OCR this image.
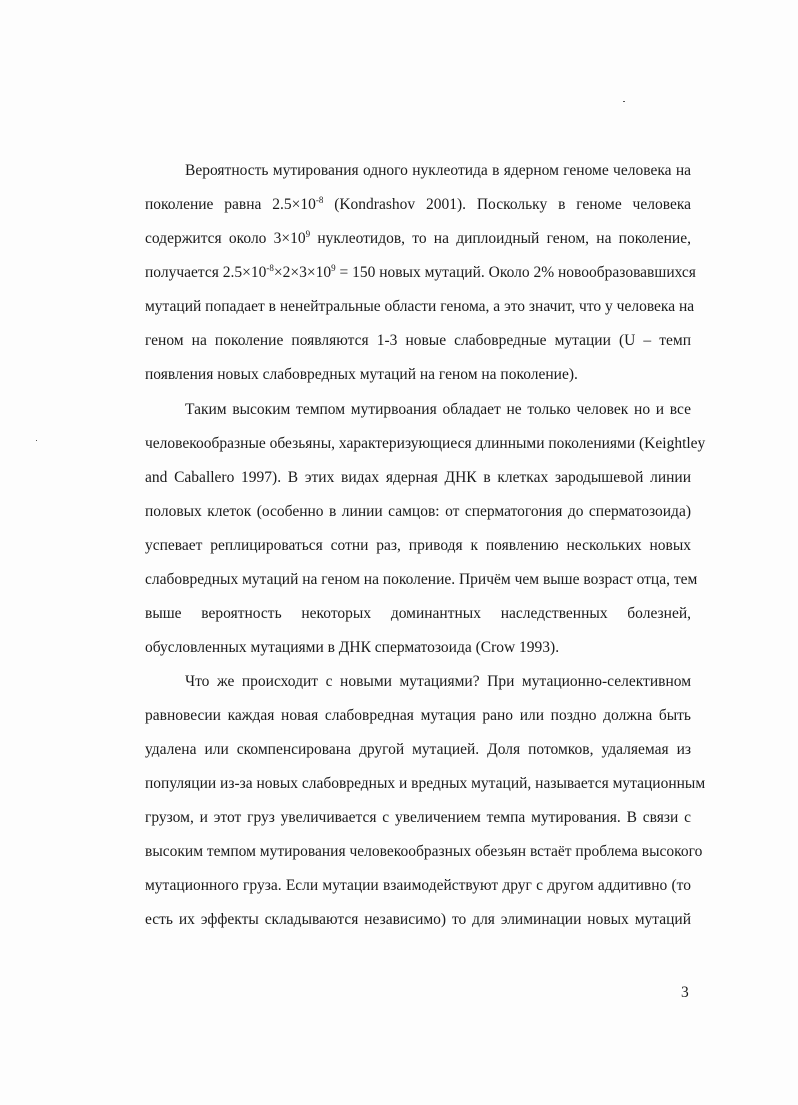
Вероятность мутирования одного нуклеотида в ядерном геноме человека на
поколение равна $2.5\times 10^{-8}$ (Kondrashov 2001). Поскольку в геноме человека
содержится около $3\times 10^9$ нуклеотидов, то на диплоидный геном, на поколение,
получается $2.5\times 10^{-8}\times 2\times 3\times 10^9 = 150$ новых мутаций. Около 2% новообразовавшихся
мутаций попадает в ненейтральные области генома, а это значит, что у человека на
геном на поколение появляются 1-3 новые слабовредные мутации (U – темп
появления новых слабовредных мутаций на геном на поколение).
Таким высоким темпом мутирвоания обладает не только человек но и все
человекообразные обезьяны, характеризующиеся длинными поколениями (Keightley
and Caballero 1997). В этих видах ядерная ДНК в клетках зародышевой линии
половых клеток (особенно в линии самцов: от сперматогония до сперматозоида)
успевает реплицироваться сотни раз, приводя к появлению нескольких новых
слабовредных мутаций на геном на поколение. Причём чем выше возраст отца, тем
выше вероятность некоторых доминантных наследственных болезней,
обусловленных мутациями в ДНК сперматозоида (Crow 1993).
Что же происходит с новыми мутациями? При мутационно-селективном
равновесии каждая новая слабовредная мутация рано или поздно должна быть
удалена или скомпенсирована другой мутацией. Доля потомков, удаляемая из
популяции из-за новых слабовредных и вредных мутаций, называется мутационным
грузом, и этот груз увеличивается с увеличением темпа мутирования. В связи с
высоким темпом мутирования человекообразных обезьян встаёт проблема высокого
мутационного груза. Если мутации взаимодействуют друг с другом аддитивно (то
есть их эффекты складываются независимо) то для элиминации новых мутаций
3
